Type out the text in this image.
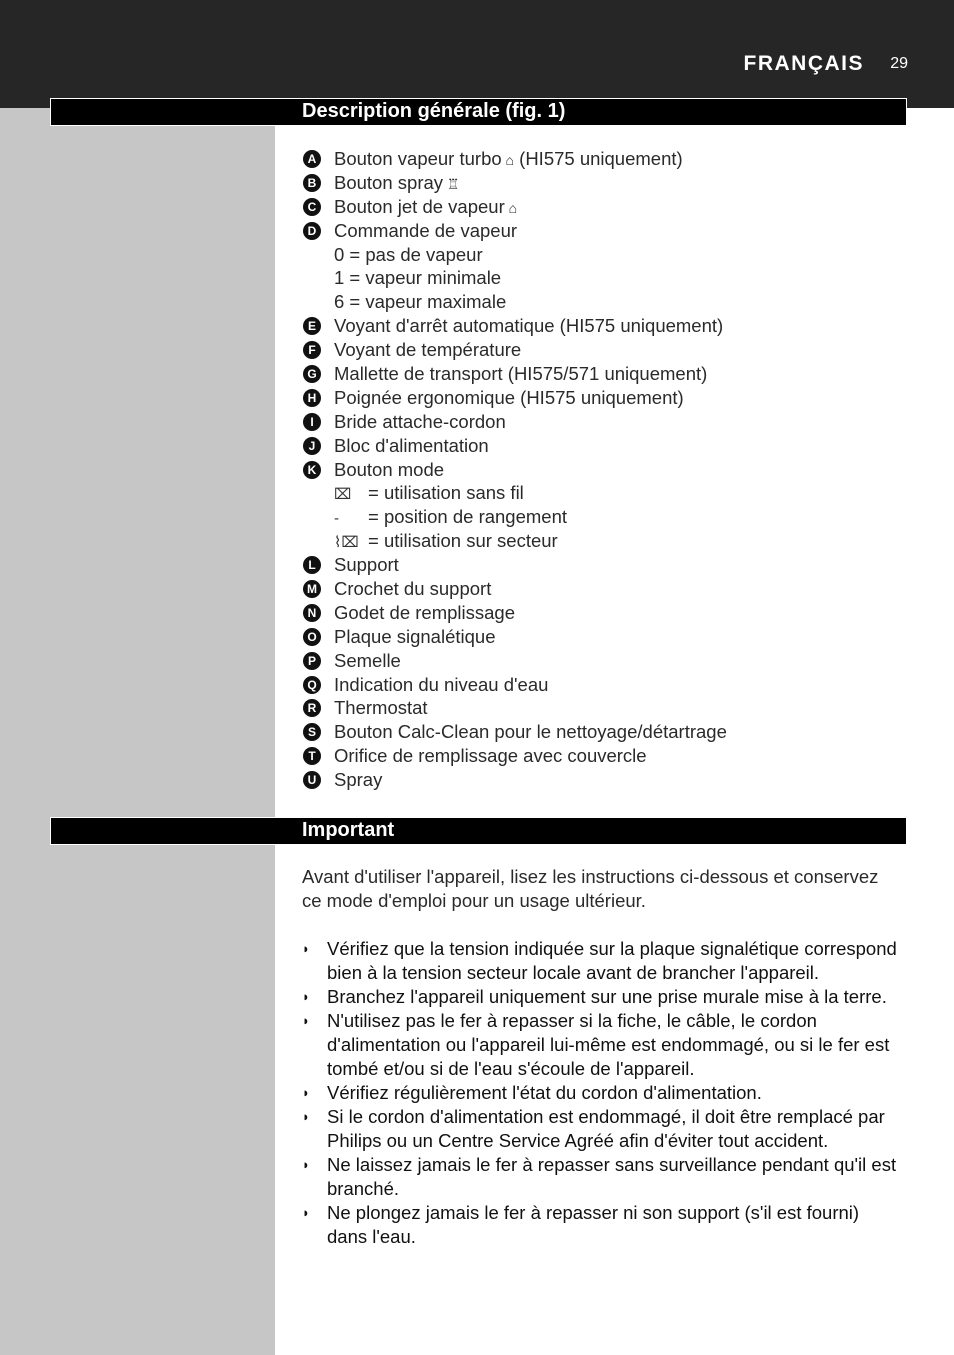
FRANÇAIS 29
Description générale (fig. 1)
A Bouton vapeur turbo ⌂ (HI575 uniquement)
B Bouton spray ♖
C Bouton jet de vapeur ⌂
D Commande de vapeur
0 = pas de vapeur
1 = vapeur minimale
6 = vapeur maximale
E Voyant d'arrêt automatique (HI575 uniquement)
F Voyant de température
G Mallette de transport (HI575/571 uniquement)
H Poignée ergonomique (HI575 uniquement)
I	Bride attache-cordon
J	Bloc d'alimentation
K Bouton mode
⌧ = utilisation sans fil
- = position de rangement
⌇⌧ = utilisation sur secteur
L Support
M Crochet du support
N Godet de remplissage
O Plaque signalétique
P Semelle
Q Indication du niveau d'eau
R Thermostat
S Bouton Calc-Clean pour le nettoyage/détartrage
T Orifice de remplissage avec couvercle
U Spray
Important

Avant d'utiliser l'appareil, lisez les instructions ci-dessous et conservez ce mode d'emploi pour un usage ultérieur.

◗ Vérifiez que la tension indiquée sur la plaque signalétique correspond bien à la tension secteur locale avant de brancher l'appareil.
◗ Branchez l'appareil uniquement sur une prise murale mise à la terre.
◗ N'utilisez pas le fer à repasser si la fiche, le câble, le cordon d'alimentation ou l'appareil lui-même est endommagé, ou si le fer est tombé et/ou si de l'eau s'écoule de l'appareil.
◗ Vérifiez régulièrement l'état du cordon d'alimentation.
◗ Si le cordon d'alimentation est endommagé, il doit être remplacé par Philips ou un Centre Service Agréé afin d'éviter tout accident.
◗ Ne laissez jamais le fer à repasser sans surveillance pendant qu'il est branché.
◗ Ne plongez jamais le fer à repasser ni son support (s'il est fourni) dans l'eau.
